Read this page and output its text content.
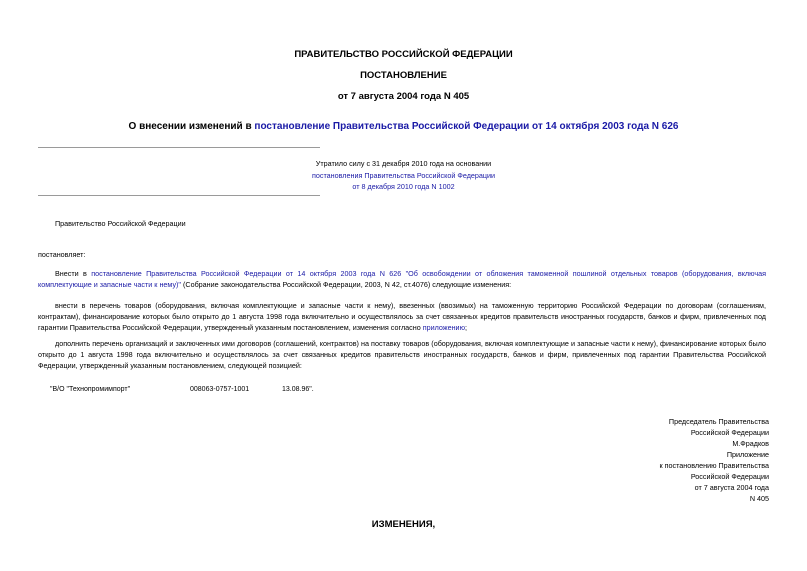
ПРАВИТЕЛЬСТВО РОССИЙСКОЙ ФЕДЕРАЦИИ
ПОСТАНОВЛЕНИЕ
от 7 августа 2004 года N 405
О внесении изменений в постановление Правительства Российской Федерации от 14 октября 2003 года N 626
Утратило силу с 31 декабря 2010 года на основании
постановления Правительства Российской Федерации
от 8 декабря 2010 года N 1002
Правительство Российской Федерации
постановляет:
Внести в постановление Правительства Российской Федерации от 14 октября 2003 года N 626 "Об освобождении от обложения таможенной пошлиной отдельных товаров (оборудования, включая комплектующие и запасные части к нему)" (Собрание законодательства Российской Федерации, 2003, N 42, ст.4076) следующие изменения:
внести в перечень товаров (оборудования, включая комплектующие и запасные части к нему), ввезенных (ввозимых) на таможенную территорию Российской Федерации по договорам (соглашениям, контрактам), финансирование которых было открыто до 1 августа 1998 года включительно и осуществлялось за счет связанных кредитов правительств иностранных государств, банков и фирм, привлеченных под гарантии Правительства Российской Федерации, утвержденный указанным постановлением, изменения согласно приложению;
дополнить перечень организаций и заключенных ими договоров (соглашений, контрактов) на поставку товаров (оборудования, включая комплектующие и запасные части к нему), финансирование которых было открыто до 1 августа 1998 года включительно и осуществлялось за счет связанных кредитов правительств иностранных государств, банков и фирм, привлеченных под гарантии Правительства Российской Федерации, утвержденный указанным постановлением, следующей позицией:
"В/О "Технопромимпорт"	008063-0757-1001	13.08.96".
Председатель Правительства
Российской Федерации
М.Фрадков
Приложение
к постановлению Правительства
Российской Федерации
от 7 августа 2004 года
N 405
ИЗМЕНЕНИЯ,
